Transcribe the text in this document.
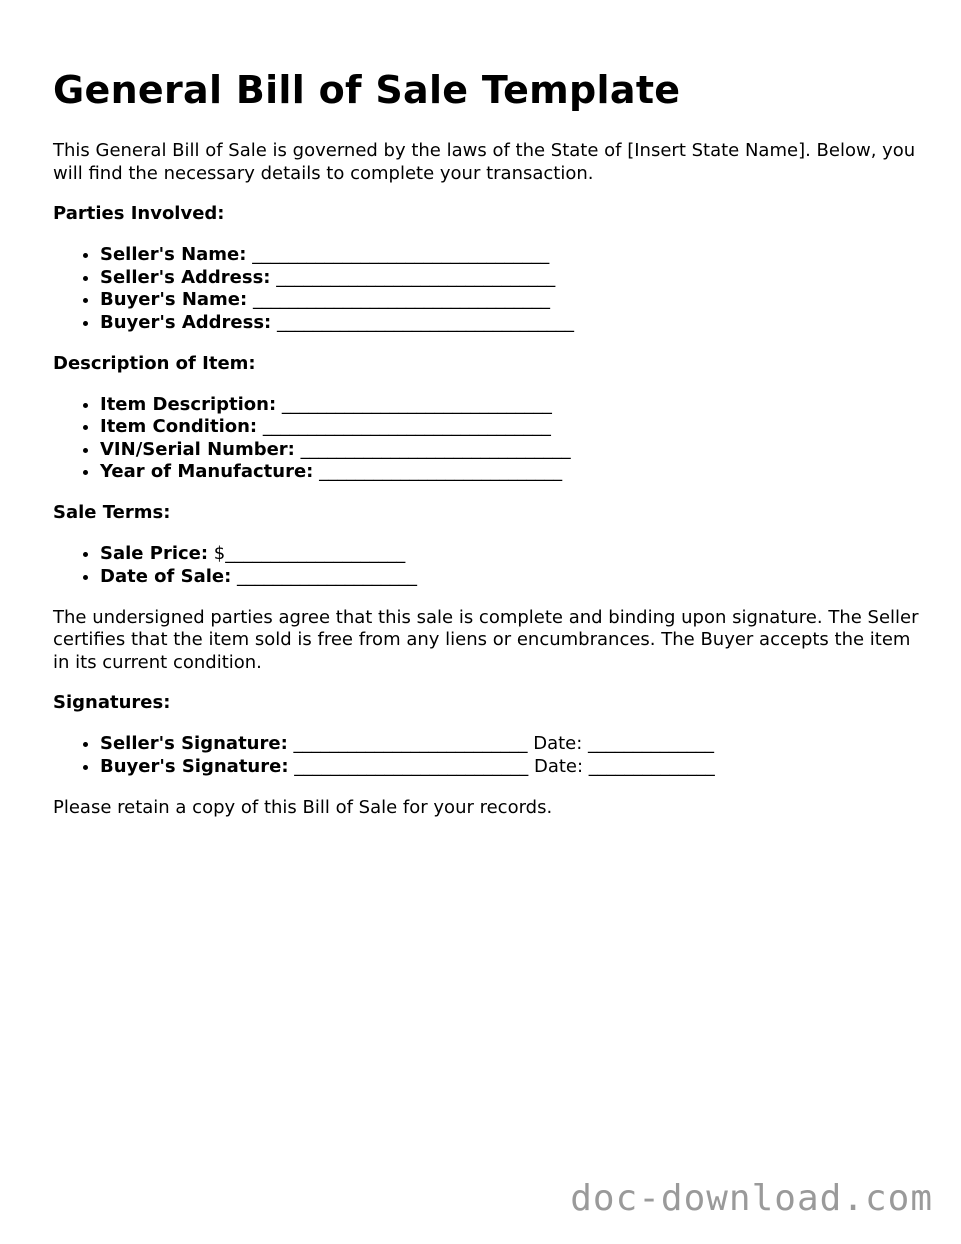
General Bill of Sale Template

This General Bill of Sale is governed by the laws of the State of [Insert State Name]. Below, you will find the necessary details to complete your transaction.

Parties Involved:
• Seller's Name: _________________________________
• Seller's Address: _______________________________
• Buyer's Name: _________________________________
• Buyer's Address: _________________________________
Description of Item:
• Item Description: ______________________________
• Item Condition: ________________________________
• VIN/Serial Number: ______________________________
• Year of Manufacture: ___________________________
Sale Terms:
• Sale Price: $____________________
• Date of Sale: ____________________

The undersigned parties agree that this sale is complete and binding upon signature. The Seller certifies that the item sold is free from any liens or encumbrances. The Buyer accepts the item in its current condition.

Signatures:
• Seller's Signature: __________________________ Date: ______________
• Buyer's Signature: __________________________ Date: ______________

Please retain a copy of this Bill of Sale for your records.

doc-download.com
